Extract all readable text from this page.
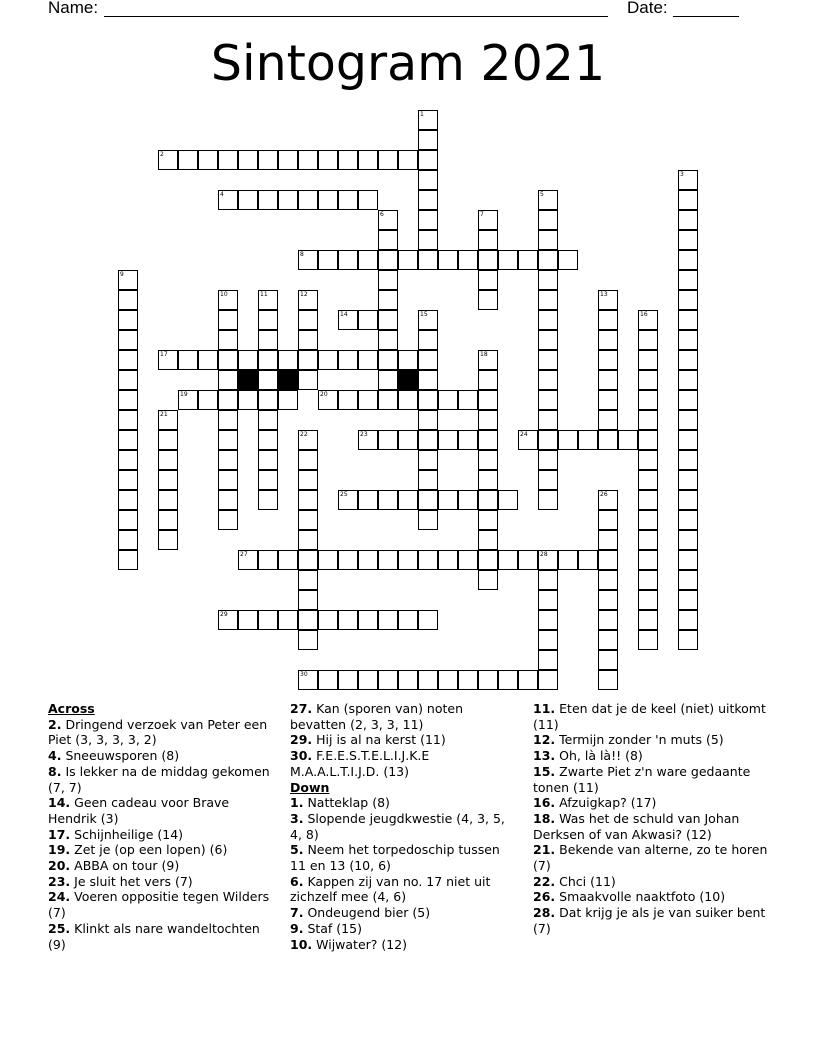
Name:	Date:
Sintogram 2021
2
4
8
14
17
19	20
23	24
25
27	28
29
30
1
3
5
6	7
9
10	11	12	13
15	16
18
21
22
26
Across
2. Dringend verzoek van Peter een Piet (3, 3, 3, 3, 2)
4. Sneeuwsporen (8)
8. Is lekker na de middag gekomen (7, 7)
14. Geen cadeau voor Brave Hendrik (3)
17. Schijnheilige (14)
19. Zet je (op een lopen) (6)
20. ABBA on tour (9)
23. Je sluit het vers (7)
24. Voeren oppositie tegen Wilders (7)
25. Klinkt als nare wandeltochten (9)
27. Kan (sporen van) noten bevatten (2, 3, 3, 11)
29. Hij is al na kerst (11)
30. F.E.E.S.T.E.L.I.J.K.E M.A.A.L.T.I.J.D. (13)
Down
1. Natteklap (8)
3. Slopende jeugdkwestie (4, 3, 5, 4, 8)
5. Neem het torpedoschip tussen 11 en 13 (10, 6)
6. Kappen zij van no. 17 niet uit zichzelf mee (4, 6)
7. Ondeugend bier (5)
9. Staf (15)
10. Wijwater? (12)
11. Eten dat je de keel (niet) uitkomt (11)
12. Termijn zonder 'n muts (5)
13. Oh, là là!! (8)
15. Zwarte Piet z'n ware gedaante tonen (11)
16. Afzuigkap? (17)
18. Was het de schuld van Johan Derksen of van Akwasi? (12)
21. Bekende van alterne, zo te horen (7)
22. Chci (11)
26. Smaakvolle naaktfoto (10)
28. Dat krijg je als je van suiker bent (7)
